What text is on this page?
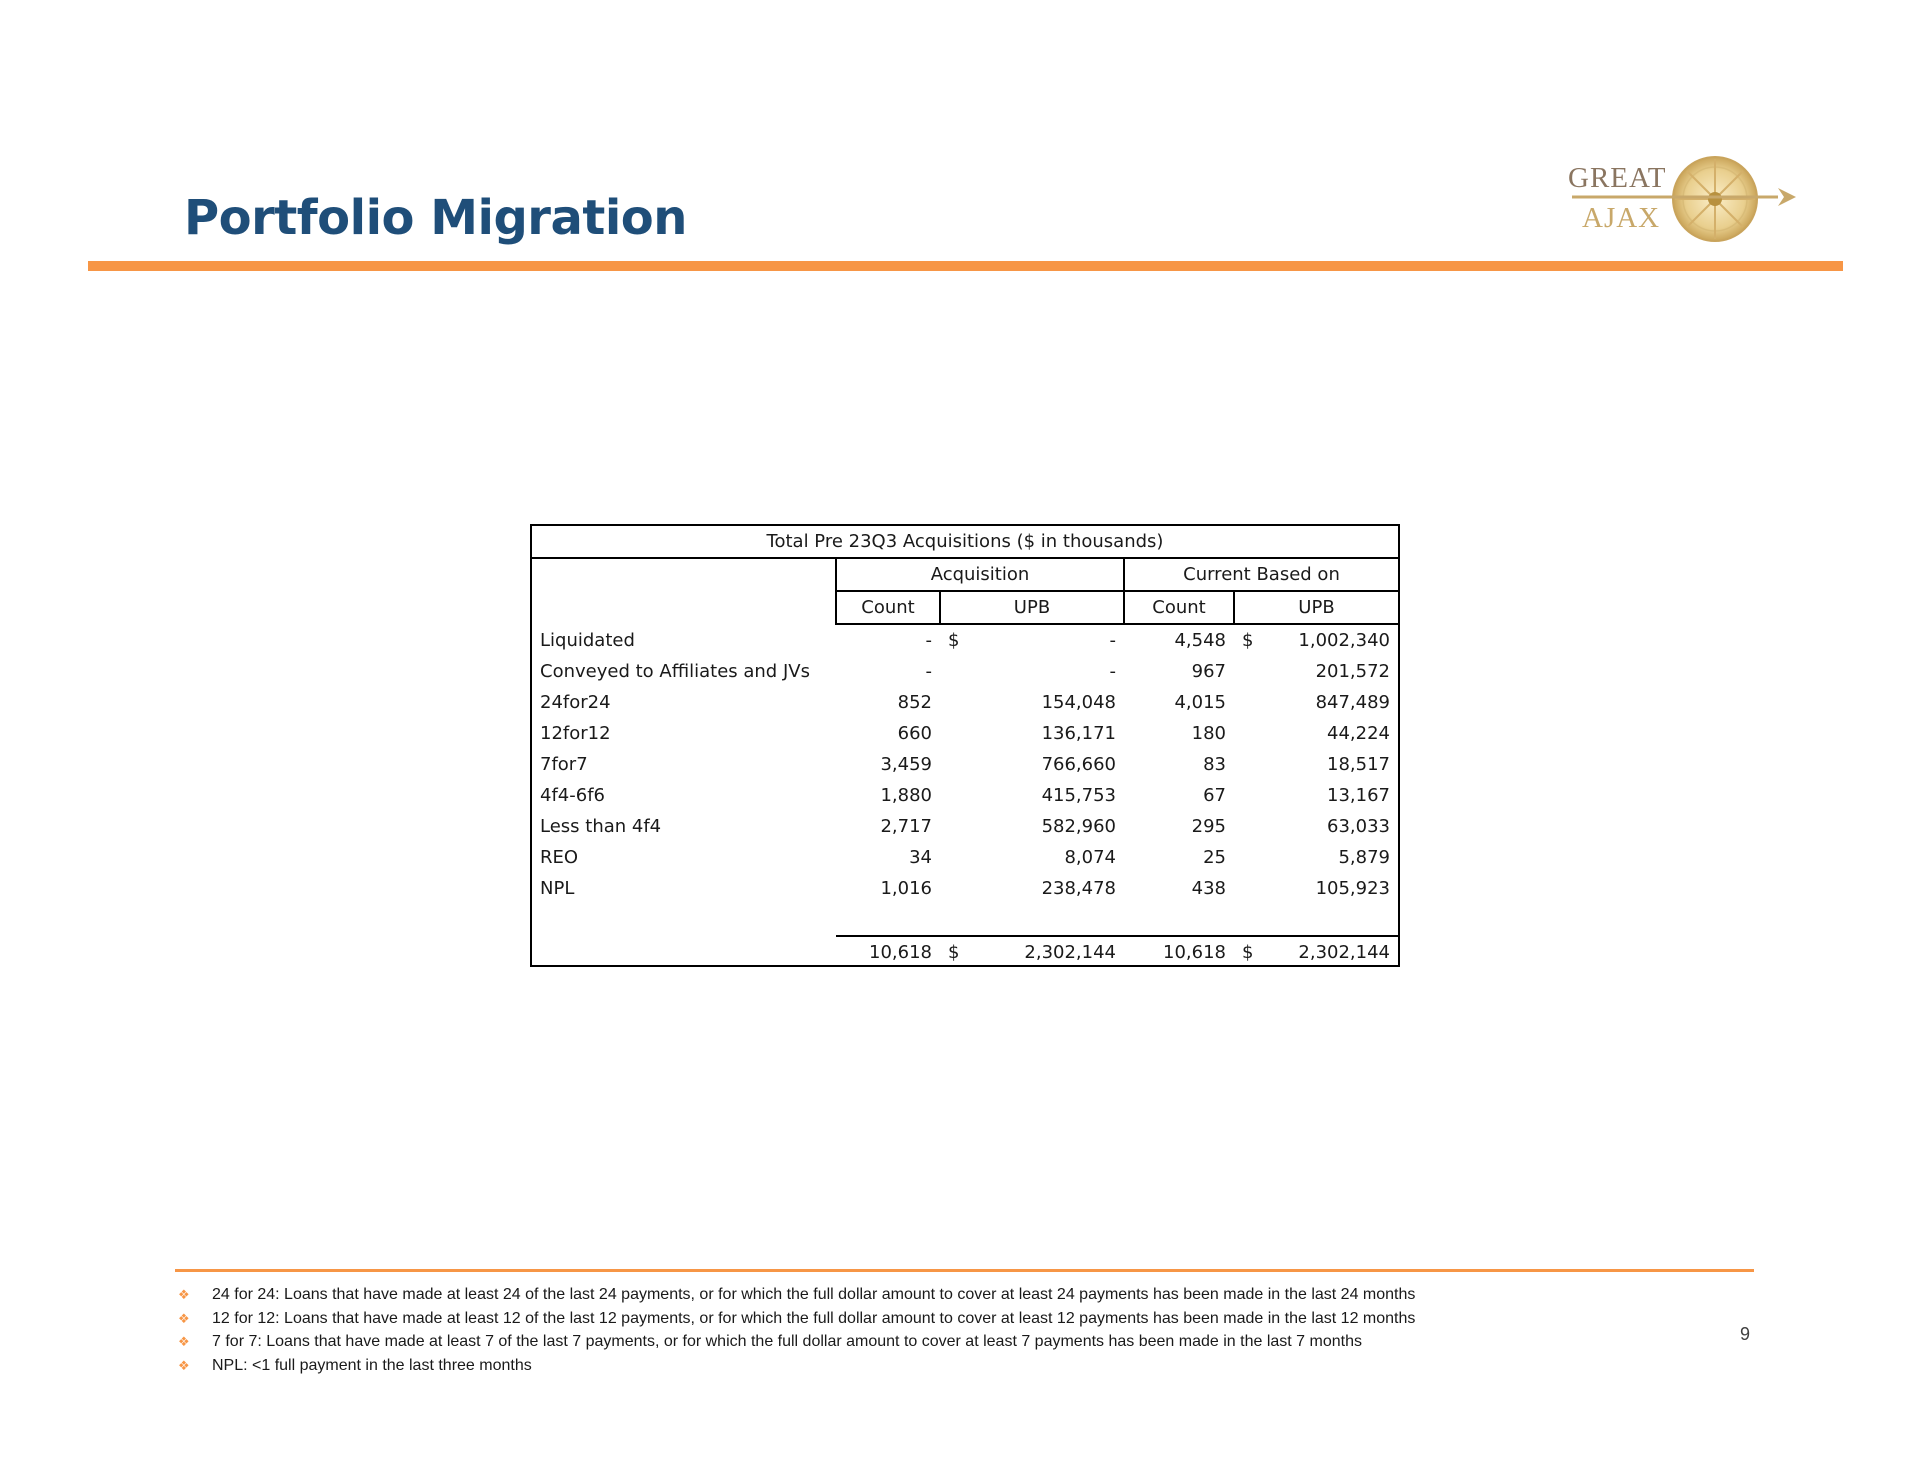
Portfolio Migration
GREAT
AJAX
Total Pre 23Q3 Acquisitions ($ in thousands)						
	Acquisition			Current Based on		
	Count	UPB		Count	UPB	
Liquidated	-	$	-	4,548	$	1,002,340
Conveyed to Affiliates and JVs	-		-	967		201,572
24for24	852		154,048	4,015		847,489
12for12	660		136,171	180		44,224
7for7	3,459		766,660	83		18,517
4f4-6f6	1,880		415,753	67		13,167
Less than 4f4	2,717		582,960	295		63,033
REO	34		8,074	25		5,879
NPL	1,016		238,478	438		105,923

	10,618	$	2,302,144	10,618	$	2,302,144
❖ 24 for 24: Loans that have made at least 24 of the last 24 payments, or for which the full dollar amount to cover at least 24 payments has been made in the last 24 months
❖ 12 for 12: Loans that have made at least 12 of the last 12 payments, or for which the full dollar amount to cover at least 12 payments has been made in the last 12 months
❖ 7 for 7: Loans that have made at least 7 of the last 7 payments, or for which the full dollar amount to cover at least 7 payments has been made in the last 7 months
❖ NPL: <1 full payment in the last three months
9
